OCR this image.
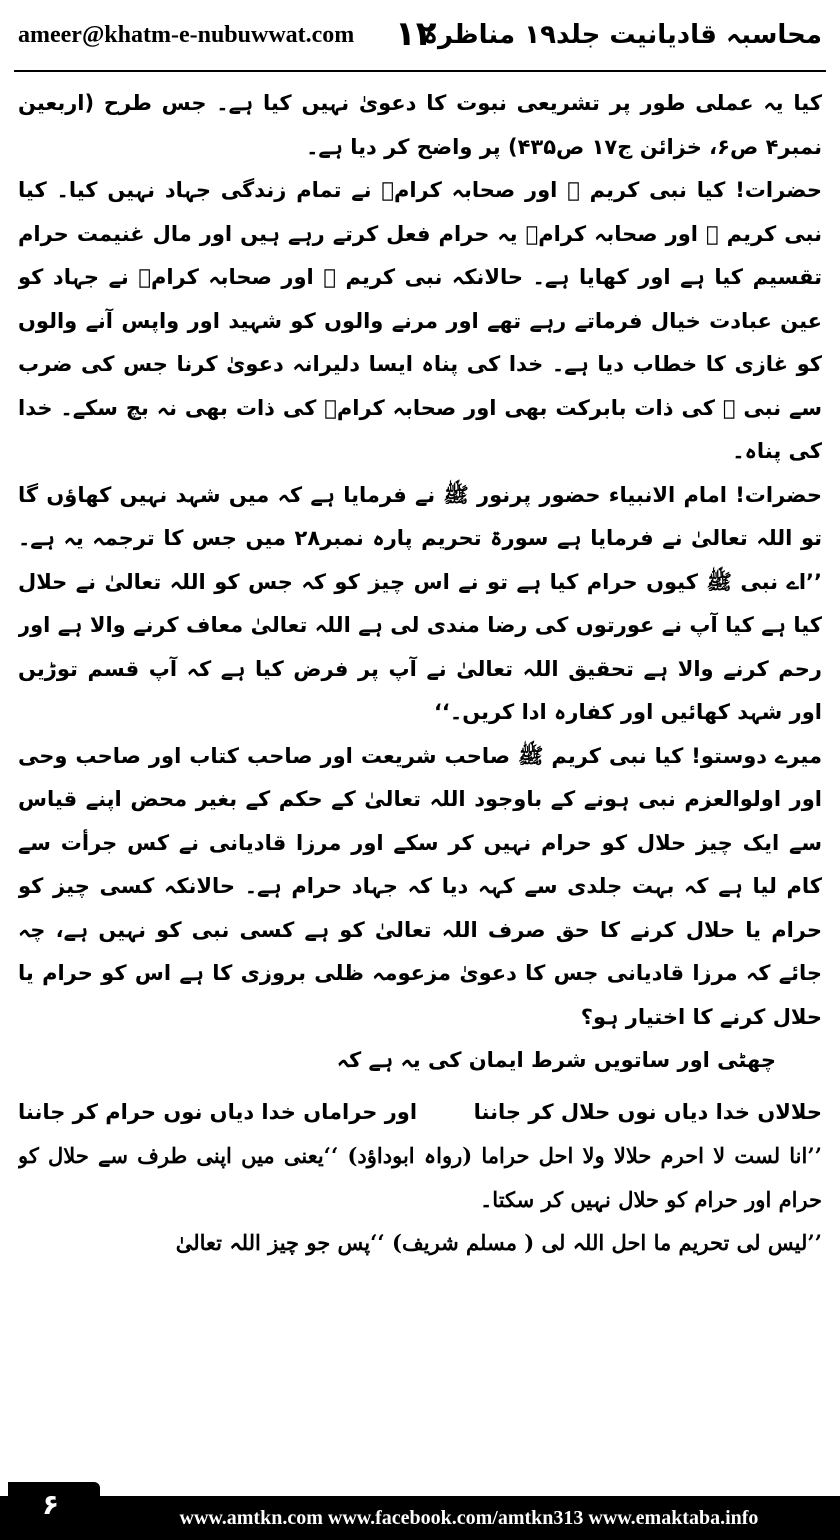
ameer@khatm-e-nubuwwat.com ۱۲
محاسبہ قادیانیت جلد۱۹ مناظرہ

کیا یہ عملی طور پر تشریعی نبوت کا دعویٰ نہیں کیا ہے۔ جس طرح (اربعین نمبر۴ ص۶، خزائن ج۱۷ ص۴۳۵) پر واضح کر دیا ہے۔

حضرات! کیا نبی کریم ﷺ اور صحابہ کرامؓ نے تمام زندگی جہاد نہیں کیا۔ کیا نبی کریم ﷺ اور صحابہ کرامؓ یہ حرام فعل کرتے رہے ہیں اور مال غنیمت حرام تقسیم کیا ہے اور کھایا ہے۔ حالانکہ نبی کریم ﷺ اور صحابہ کرامؓ نے جہاد کو عین عبادت خیال فرماتے رہے تھے اور مرنے والوں کو شہید اور واپس آنے والوں کو غازی کا خطاب دیا ہے۔ خدا کی پناہ ایسا دلیرانہ دعویٰ کرنا جس کی ضرب سے نبی ﷺ کی ذات بابرکت بھی اور صحابہ کرامؓ کی ذات بھی نہ بچ سکے۔ خدا کی پناہ۔

حضرات! امام الانبیاء حضور پرنور ﷺ نے فرمایا ہے کہ میں شہد نہیں کھاؤں گا تو اللہ تعالیٰ نے فرمایا ہے سورۃ تحریم پارہ نمبر۲۸ میں جس کا ترجمہ یہ ہے۔ ’’اے نبی ﷺ کیوں حرام کیا ہے تو نے اس چیز کو کہ جس کو اللہ تعالیٰ نے حلال کیا ہے کیا آپ نے عورتوں کی رضا مندی لی ہے اللہ تعالیٰ معاف کرنے والا ہے اور رحم کرنے والا ہے تحقیق اللہ تعالیٰ نے آپ پر فرض کیا ہے کہ آپ قسم توڑیں اور شہد کھائیں اور کفارہ ادا کریں۔‘‘

میرے دوستو! کیا نبی کریم ﷺ صاحب شریعت اور صاحب کتاب اور صاحب وحی اور اولوالعزم نبی ہونے کے باوجود اللہ تعالیٰ کے حکم کے بغیر محض اپنے قیاس سے ایک چیز حلال کو حرام نہیں کر سکے اور مرزا قادیانی نے کس جرأت سے کام لیا ہے کہ بہت جلدی سے کہہ دیا کہ جہاد حرام ہے۔ حالانکہ کسی چیز کو حرام یا حلال کرنے کا حق صرف اللہ تعالیٰ کو ہے کسی نبی کو نہیں ہے، چہ جائے کہ مرزا قادیانی جس کا دعویٰ مزعومہ ظلی بروزی کا ہے اس کو حرام یا حلال کرنے کا اختیار ہو؟

چھٹی اور ساتویں شرط ایمان کی یہ ہے کہ

حلالاں خدا دیاں نوں حلال کر جاننا
اور حراماں خدا دیاں نوں حرام کر جاننا

’’انا لست لا احرم حلالا ولا احل حراما (رواہ ابوداؤد) ‘‘یعنی میں اپنی طرف سے حلال کو حرام اور حرام کو حلال نہیں کر سکتا۔

’’لیس لی تحریم ما احل اللہ لی ( مسلم شریف) ‘‘پس جو چیز اللہ تعالیٰ

۶	www.amtkn.com www.facebook.com/amtkn313 www.emaktaba.info
